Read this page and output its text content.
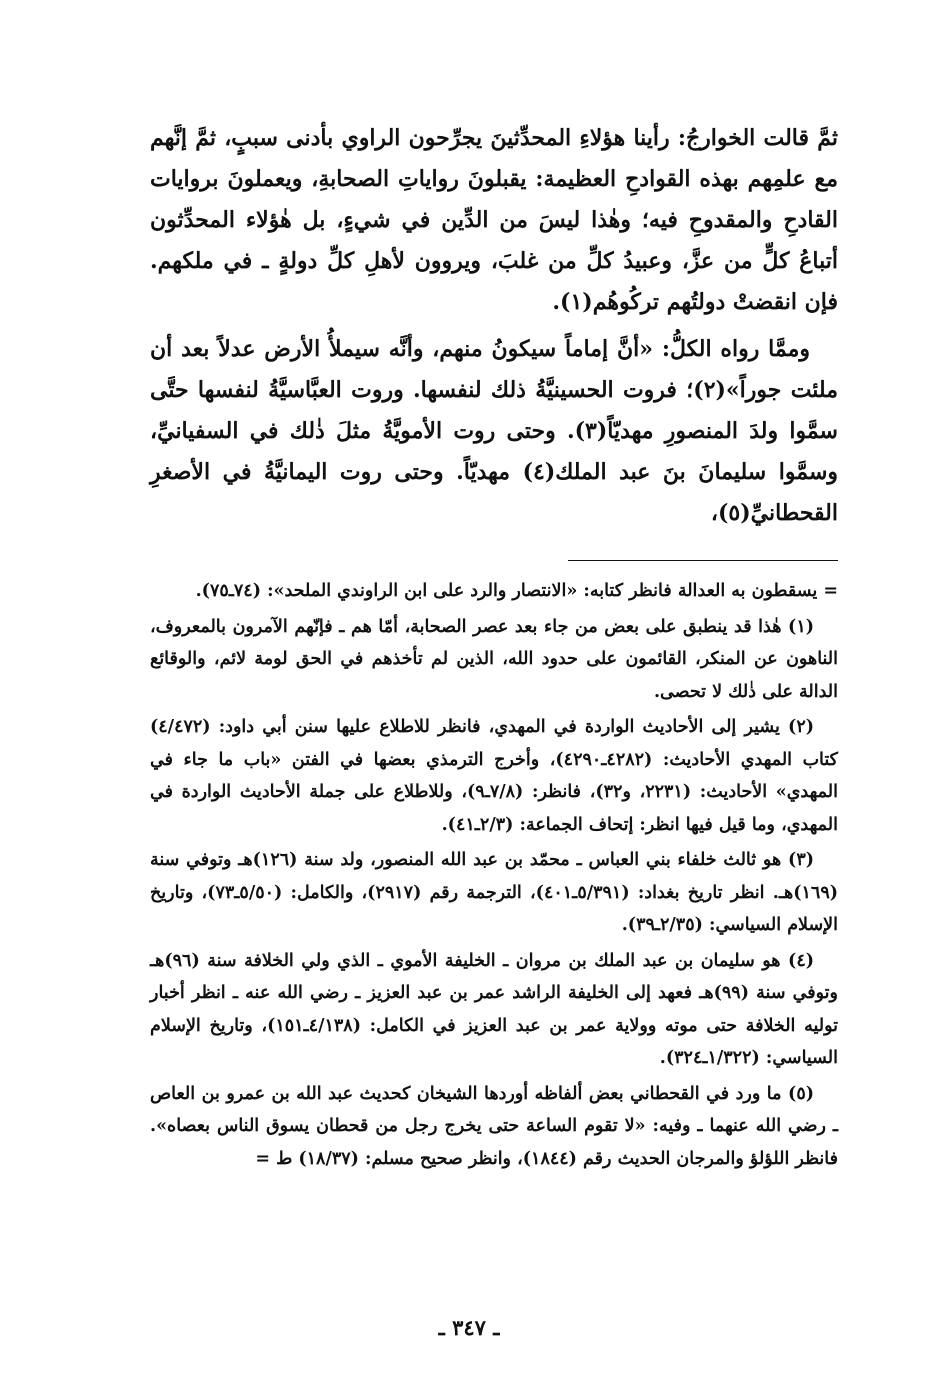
ثمَّ قالت الخوارجُ: رأينا هؤلاءِ المحدِّثينَ يجرِّحون الراوي بأدنى سببٍ، ثمَّ إنَّهم مع علمِهم بهذه القوادحِ العظيمة: يقبلونَ رواياتِ الصحابةِ، ويعملونَ بروايات القادحِ والمقدوحِ فيه؛ وهٰذا ليسَ من الدِّين في شيءٍ، بل هٰؤلاء المحدِّثون أتباعُ كلٍّ من عزَّ، وعبيدُ كلِّ من غلبَ، ويروون لأهلِ كلِّ دولةٍ ـ في ملكهم. فإن انقضتْ دولتُهم تركُوهُم(١).

وممَّا رواه الكلُّ: «أنَّ إماماً سيكونُ منهم، وأنَّه سيملأُ الأرض عدلاً بعد أن ملئت جوراً»(٢)؛ فروت الحسينيَّةُ ذلك لنفسها. وروت العبَّاسيَّةُ لنفسها حتَّى سمَّوا ولدَ المنصورِ مهديّاً(٣). وحتى روت الأمويَّةُ مثلَ ذٰلك في السفيانيِّ، وسمَّوا سليمانَ بنَ عبد الملك(٤) مهديّاً. وحتى روت اليمانيَّةُ في الأصغرِ القحطانيِّ(٥)،

= يسقطون به العدالة فانظر كتابه: «الانتصار والرد على ابن الراوندي الملحد»: (٧٤ـ٧٥).

(١) هٰذا قد ينطبق على بعض من جاء بعد عصر الصحابة، أمّا هم ـ فإنّهم الآمرون بالمعروف، الناهون عن المنكر، القائمون على حدود الله، الذين لم تأخذهم في الحق لومة لائم، والوقائع الدالة على ذٰلك لا تحصى.

(٢) يشير إلى الأحاديث الواردة في المهدي، فانظر للاطلاع عليها سنن أبي داود: (٤/٤٧٢) كتاب المهدي الأحاديث: (٤٢٨٢ـ٤٢٩٠)، وأخرج الترمذي بعضها في الفتن «باب ما جاء في المهدي» الأحاديث: (٢٢٣١، و٣٢)، فانظر: (٧/٨ـ٩)، وللاطلاع على جملة الأحاديث الواردة في المهدي، وما قيل فيها انظر: إتحاف الجماعة: (٢/٣ـ٤١).

(٣) هو ثالث خلفاء بني العباس ـ محمّد بن عبد الله المنصور، ولد سنة (١٢٦)هـ وتوفي سنة (١٦٩)هـ. انظر تاريخ بغداد: (٥/٣٩١ـ٤٠١)، الترجمة رقم (٢٩١٧)، والكامل: (٥/٥٠ـ٧٣)، وتاريخ الإسلام السياسي: (٢/٣٥ـ٣٩).

(٤) هو سليمان بن عبد الملك بن مروان ـ الخليفة الأموي ـ الذي ولي الخلافة سنة (٩٦)هـ وتوفي سنة (٩٩)هـ فعهد إلى الخليفة الراشد عمر بن عبد العزيز ـ رضي الله عنه ـ انظر أخبار توليه الخلافة حتى موته وولاية عمر بن عبد العزيز في الكامل: (٤/١٣٨ـ١٥١)، وتاريخ الإسلام السياسي: (١/٣٢٢ـ٣٢٤).

(٥) ما ورد في القحطاني بعض ألفاظه أوردها الشيخان كحديث عبد الله بن عمرو بن العاص ـ رضي الله عنهما ـ وفيه: «لا تقوم الساعة حتى يخرج رجل من قحطان يسوق الناس بعصاه». فانظر اللؤلؤ والمرجان الحديث رقم (١٨٤٤)، وانظر صحيح مسلم: (١٨/٣٧) ط =

ـ ٣٤٧ ـ
